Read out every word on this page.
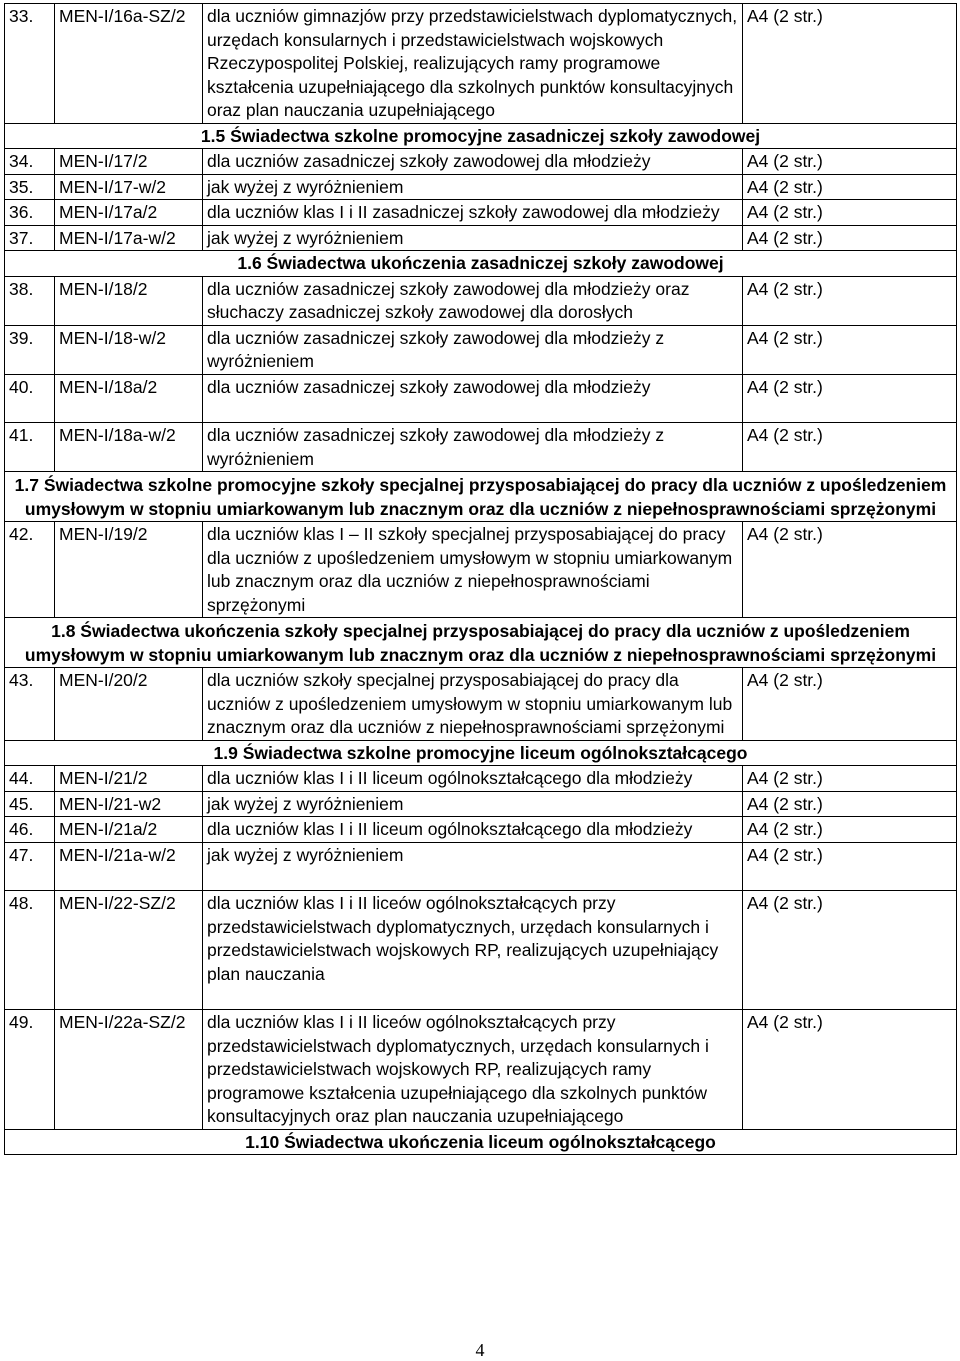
33.	MEN-I/16a-SZ/2	dla uczniów gimnazjów przy przedstawicielstwach dyplomatycznych, urzędach konsularnych i przedstawicielstwach wojskowych Rzeczypospolitej Polskiej, realizujących ramy programowe kształcenia uzupełniającego dla szkolnych punktów konsultacyjnych oraz plan nauczania uzupełniającego	A4 (2 str.)
1.5 Świadectwa szkolne promocyjne zasadniczej szkoły zawodowej			
34.	MEN-I/17/2	dla uczniów zasadniczej szkoły zawodowej dla młodzieży	A4 (2 str.)
35.	MEN-I/17-w/2	jak wyżej z wyróżnieniem	A4 (2 str.)
36.	MEN-I/17a/2	dla uczniów klas I i II zasadniczej szkoły zawodowej dla młodzieży	A4 (2 str.)
37.	MEN-I/17a-w/2	jak wyżej z wyróżnieniem	A4 (2 str.)
1.6 Świadectwa ukończenia zasadniczej szkoły zawodowej			
38.	MEN-I/18/2	dla uczniów zasadniczej szkoły zawodowej dla młodzieży oraz słuchaczy zasadniczej szkoły zawodowej dla dorosłych	A4 (2 str.)
39.	MEN-I/18-w/2	dla uczniów zasadniczej szkoły zawodowej dla młodzieży z wyróżnieniem	A4 (2 str.)
40.	MEN-I/18a/2	dla uczniów zasadniczej szkoły zawodowej dla młodzieży	A4 (2 str.)
41.	MEN-I/18a-w/2	dla uczniów zasadniczej szkoły zawodowej dla młodzieży z wyróżnieniem	A4 (2 str.)
1.7 Świadectwa szkolne promocyjne szkoły specjalnej przysposabiającej do pracy dla uczniów z upośledzeniem umysłowym w stopniu umiarkowanym lub znacznym oraz dla uczniów z niepełnosprawnościami sprzężonymi			
42.	MEN-I/19/2	dla uczniów klas I – II szkoły specjalnej przysposabiającej do pracy dla uczniów z upośledzeniem umysłowym w stopniu umiarkowanym lub znacznym oraz dla uczniów z niepełnosprawnościami sprzężonymi	A4 (2 str.)
1.8 Świadectwa ukończenia szkoły specjalnej przysposabiającej do pracy dla uczniów z upośledzeniem umysłowym w stopniu umiarkowanym lub znacznym oraz dla uczniów z niepełnosprawnościami sprzężonymi			
43.	MEN-I/20/2	dla uczniów szkoły specjalnej przysposabiającej do pracy dla uczniów z upośledzeniem umysłowym w stopniu umiarkowanym lub znacznym oraz dla uczniów z niepełnosprawnościami sprzężonymi	A4 (2 str.)
1.9 Świadectwa szkolne promocyjne liceum ogólnokształcącego			
44.	MEN-I/21/2	dla uczniów klas I i II liceum ogólnokształcącego dla młodzieży	A4 (2 str.)
45.	MEN-I/21-w2	jak wyżej z wyróżnieniem	A4 (2 str.)
46.	MEN-I/21a/2	dla uczniów klas I i II liceum ogólnokształcącego dla młodzieży	A4 (2 str.)
47.	MEN-I/21a-w/2	jak wyżej z wyróżnieniem	A4 (2 str.)
48.	MEN-I/22-SZ/2	dla uczniów klas I i II liceów ogólnokształcących przy przedstawicielstwach dyplomatycznych, urzędach konsularnych i przedstawicielstwach wojskowych RP, realizujących uzupełniający plan nauczania	A4 (2 str.)
49.	MEN-I/22a-SZ/2	dla uczniów klas I i II liceów ogólnokształcących przy przedstawicielstwach dyplomatycznych, urzędach konsularnych i przedstawicielstwach wojskowych RP, realizujących ramy programowe kształcenia uzupełniającego dla szkolnych punktów konsultacyjnych oraz plan nauczania uzupełniającego	A4 (2 str.)
1.10 Świadectwa ukończenia liceum ogólnokształcącego			
4
